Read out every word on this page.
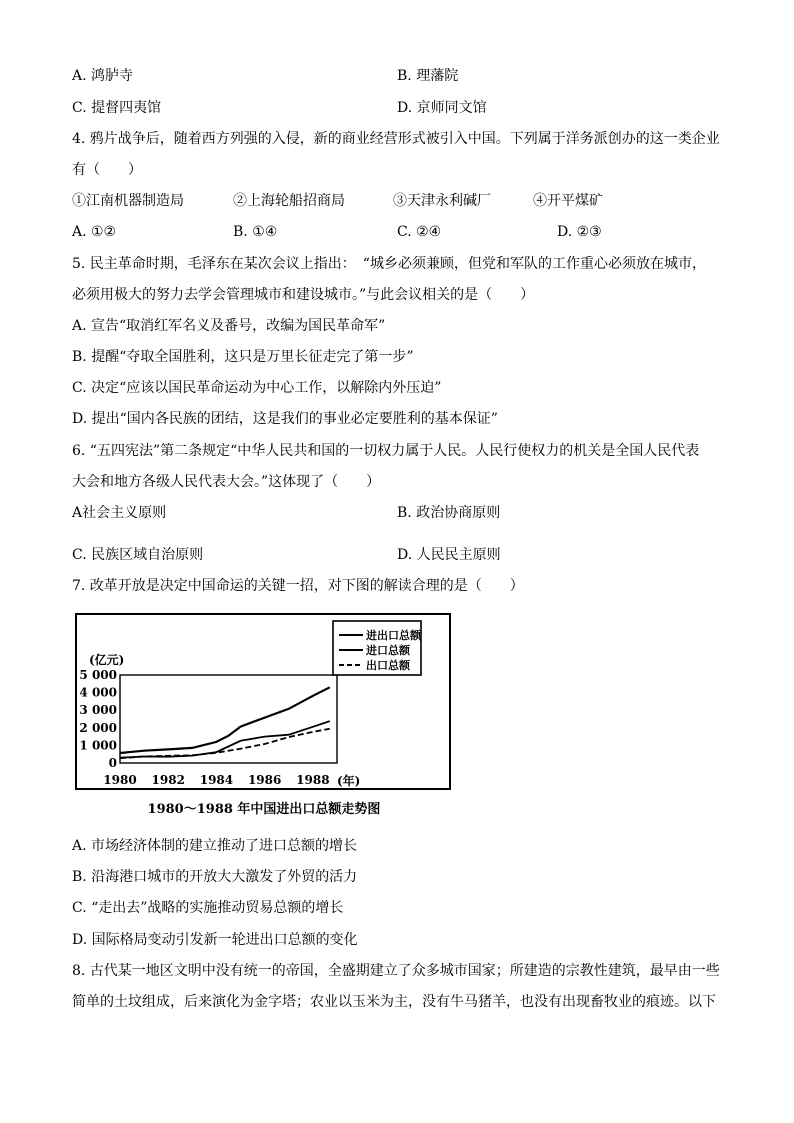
A. 鸿胪寺	B. 理藩院
C. 提督四夷馆	D. 京师同文馆
4. 鸦片战争后，随着西方列强的入侵，新的商业经营形式被引入中国。下列属于洋务派创办的这一类企业
有（　　）
①江南机器制造局	②上海轮船招商局	③天津永利碱厂	④开平煤矿
A. ①②	B. ①④	C. ②④	D. ②③
5. 民主革命时期，毛泽东在某次会议上指出：　“城乡必须兼顾，但党和军队的工作重心必须放在城市，
必须用极大的努力去学会管理城市和建设城市。”与此会议相关的是（　　）
A. 宣告“取消红军名义及番号，改编为国民革命军”
B. 提醒“夺取全国胜利，这只是万里长征走完了第一步”
C. 决定“应该以国民革命运动为中心工作，以解除内外压迫”
D. 提出“国内各民族的团结，这是我们的事业必定要胜利的基本保证”
6. “五四宪法”第二条规定“中华人民共和国的一切权力属于人民。人民行使权力的机关是全国人民代表
大会和地方各级人民代表大会。”这体现了（　　）
A社会主义原则	B. 政治协商原则
C. 民族区域自治原则	D. 人民民主原则
7. 改革开放是决定中国命运的关键一招，对下图的解读合理的是（　　）
(亿元)
(年)
1980～1988 年中国进出口总额走势图
5 000
4 000
3 000
2 000
1 000
0
1980 1982 1984 1986 1988
进出口总额
进口总额
出口总额
A. 市场经济体制的建立推动了进口总额的增长
B. 沿海港口城市的开放大大激发了外贸的活力
C. “走出去”战略的实施推动贸易总额的增长
D. 国际格局变动引发新一轮进出口总额的变化
8. 古代某一地区文明中没有统一的帝国，全盛期建立了众多城市国家；所建造的宗教性建筑，最早由一些
简单的土坟组成，后来演化为金字塔；农业以玉米为主，没有牛马猪羊，也没有出现畜牧业的痕迹。以下
